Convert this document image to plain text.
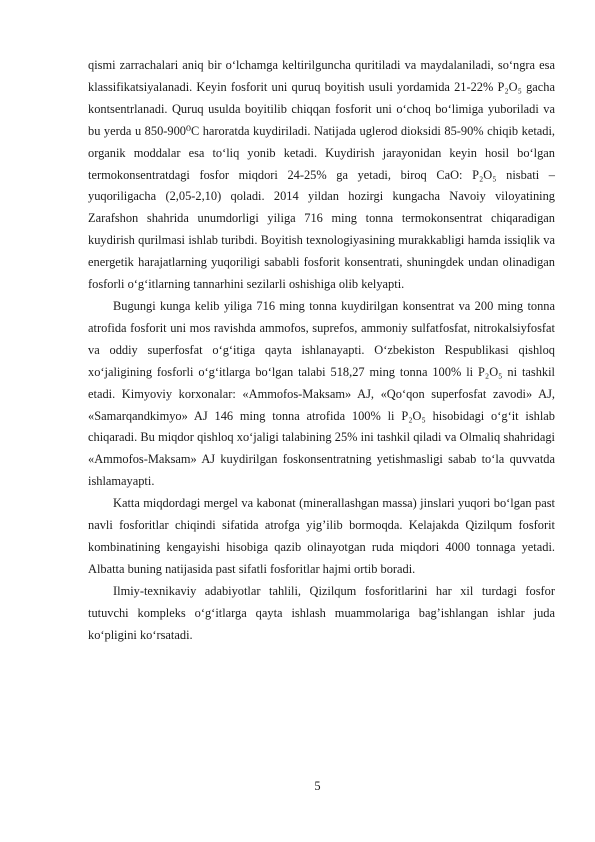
qismi zarrachalari aniq bir o‘lchamga keltirilguncha quritiladi va maydalaniladi, so‘ngra esa klassifikatsiyalanadi. Keyin fosforit uni quruq boyitish usuli yordamida 21-22% P₂O₅ gacha kontsentrlanadi. Quruq usulda boyitilib chiqqan fosforit uni o‘choq bo‘limiga yuboriladi va bu yerda u 850-900⁰C haroratda kuydiriladi. Natijada uglerod dioksidi 85-90% chiqib ketadi, organik moddalar esa to‘liq yonib ketadi. Kuydirish jarayonidan keyin hosil bo‘lgan termokonsentratdagi fosfor miqdori 24-25% ga yetadi, biroq CaO: P₂O₅ nisbati – yuqoriligacha (2,05-2,10) qoladi. 2014 yildan hozirgi kungacha Navoiy viloyatining Zarafshon shahrida unumdorligi yiliga 716 ming tonna termokonsentrat chiqaradigan kuydirish qurilmasi ishlab turibdi. Boyitish texnologiyasining murakkabligi hamda issiqlik va energetik harajatlarning yuqoriligi sababli fosforit konsentrati, shuningdek undan olinadigan fosforli o‘g‘itlarning tannarhini sezilarli oshishiga olib kelyapti.

Bugungi kunga kelib yiliga 716 ming tonna kuydirilgan konsentrat va 200 ming tonna atrofida fosforit uni mos ravishda ammofos, suprefos, ammoniy sulfatfosfat, nitrokalsiyfosfat va oddiy superfosfat o‘g‘itiga qayta ishlanayapti. O‘zbekiston Respublikasi qishloq xo‘jaligining fosforli o‘g‘itlarga bo‘lgan talabi 518,27 ming tonna 100% li P₂O₅ ni tashkil etadi. Kimyoviy korxonalar: «Ammofos-Maksam» AJ, «Qo‘qon superfosfat zavodi» AJ, «Samarqandkimyo» AJ 146 ming tonna atrofida 100% li P₂O₅ hisobidagi o‘g‘it ishlab chiqaradi. Bu miqdor qishloq xo‘jaligi talabining 25% ini tashkil qiladi va Olmaliq shahridagi «Ammofos-Maksam» AJ kuydirilgan foskonsentratning yetishmasligi sabab to‘la quvvatda ishlamayapti.

Katta miqdordagi mergel va kabonat (minerallashgan massa) jinslari yuqori bo‘lgan past navli fosforitlar chiqindi sifatida atrofga yig’ilib bormoqda. Kelajakda Qizilqum fosforit kombinatining kengayishi hisobiga qazib olinayotgan ruda miqdori 4000 tonnaga yetadi. Albatta buning natijasida past sifatli fosforitlar hajmi ortib boradi.

Ilmiy-texnikaviy adabiyotlar tahlili, Qizilqum fosforitlarini har xil turdagi fosfor tutuvchi kompleks o‘g‘itlarga qayta ishlash muammolariga bag’ishlangan ishlar juda ko‘pligini ko‘rsatadi.

5
